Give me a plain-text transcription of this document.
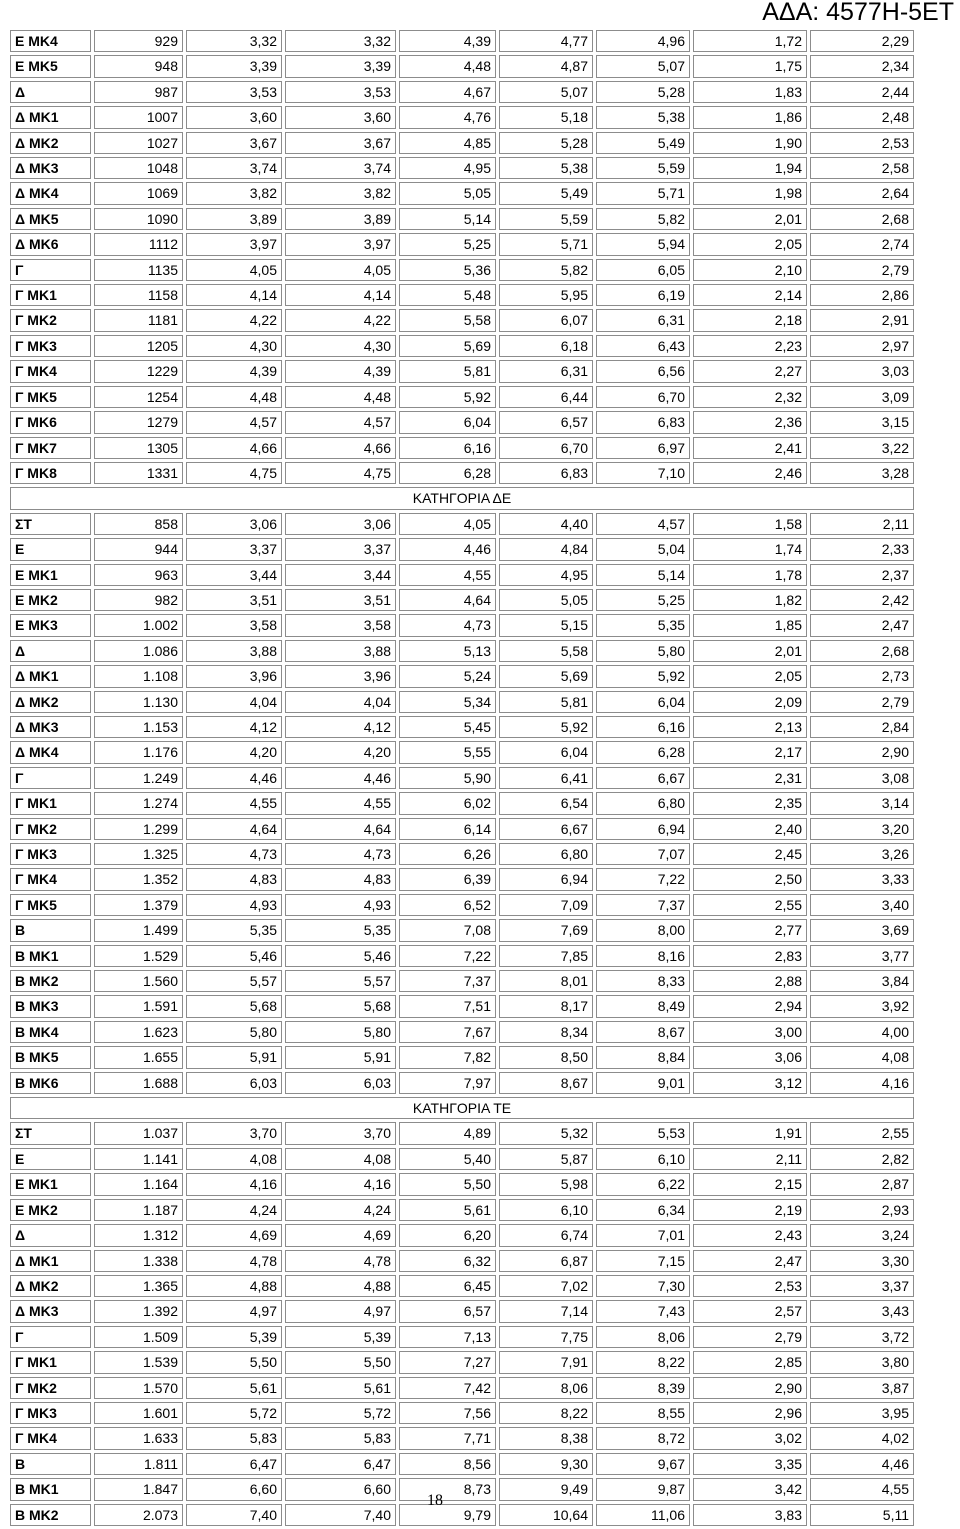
ΑΔΑ: 4577Η-5ΕΤ
Ε ΜΚ4	929	3,32	3,32	4,39	4,77	4,96	1,72	2,29
Ε ΜΚ5	948	3,39	3,39	4,48	4,87	5,07	1,75	2,34
Δ	987	3,53	3,53	4,67	5,07	5,28	1,83	2,44
Δ ΜΚ1	1007	3,60	3,60	4,76	5,18	5,38	1,86	2,48
Δ ΜΚ2	1027	3,67	3,67	4,85	5,28	5,49	1,90	2,53
Δ ΜΚ3	1048	3,74	3,74	4,95	5,38	5,59	1,94	2,58
Δ ΜΚ4	1069	3,82	3,82	5,05	5,49	5,71	1,98	2,64
Δ ΜΚ5	1090	3,89	3,89	5,14	5,59	5,82	2,01	2,68
Δ ΜΚ6	1112	3,97	3,97	5,25	5,71	5,94	2,05	2,74
Γ	1135	4,05	4,05	5,36	5,82	6,05	2,10	2,79
Γ ΜΚ1	1158	4,14	4,14	5,48	5,95	6,19	2,14	2,86
Γ ΜΚ2	1181	4,22	4,22	5,58	6,07	6,31	2,18	2,91
Γ ΜΚ3	1205	4,30	4,30	5,69	6,18	6,43	2,23	2,97
Γ ΜΚ4	1229	4,39	4,39	5,81	6,31	6,56	2,27	3,03
Γ ΜΚ5	1254	4,48	4,48	5,92	6,44	6,70	2,32	3,09
Γ ΜΚ6	1279	4,57	4,57	6,04	6,57	6,83	2,36	3,15
Γ ΜΚ7	1305	4,66	4,66	6,16	6,70	6,97	2,41	3,22
Γ ΜΚ8	1331	4,75	4,75	6,28	6,83	7,10	2,46	3,28
ΚΑΤΗΓΟΡΙΑ ΔΕ								
ΣΤ	858	3,06	3,06	4,05	4,40	4,57	1,58	2,11
Ε	944	3,37	3,37	4,46	4,84	5,04	1,74	2,33
Ε ΜΚ1	963	3,44	3,44	4,55	4,95	5,14	1,78	2,37
Ε ΜΚ2	982	3,51	3,51	4,64	5,05	5,25	1,82	2,42
Ε ΜΚ3	1.002	3,58	3,58	4,73	5,15	5,35	1,85	2,47
Δ	1.086	3,88	3,88	5,13	5,58	5,80	2,01	2,68
Δ ΜΚ1	1.108	3,96	3,96	5,24	5,69	5,92	2,05	2,73
Δ ΜΚ2	1.130	4,04	4,04	5,34	5,81	6,04	2,09	2,79
Δ ΜΚ3	1.153	4,12	4,12	5,45	5,92	6,16	2,13	2,84
Δ ΜΚ4	1.176	4,20	4,20	5,55	6,04	6,28	2,17	2,90
Γ	1.249	4,46	4,46	5,90	6,41	6,67	2,31	3,08
Γ ΜΚ1	1.274	4,55	4,55	6,02	6,54	6,80	2,35	3,14
Γ ΜΚ2	1.299	4,64	4,64	6,14	6,67	6,94	2,40	3,20
Γ ΜΚ3	1.325	4,73	4,73	6,26	6,80	7,07	2,45	3,26
Γ ΜΚ4	1.352	4,83	4,83	6,39	6,94	7,22	2,50	3,33
Γ ΜΚ5	1.379	4,93	4,93	6,52	7,09	7,37	2,55	3,40
Β	1.499	5,35	5,35	7,08	7,69	8,00	2,77	3,69
Β ΜΚ1	1.529	5,46	5,46	7,22	7,85	8,16	2,83	3,77
Β ΜΚ2	1.560	5,57	5,57	7,37	8,01	8,33	2,88	3,84
Β ΜΚ3	1.591	5,68	5,68	7,51	8,17	8,49	2,94	3,92
Β ΜΚ4	1.623	5,80	5,80	7,67	8,34	8,67	3,00	4,00
Β ΜΚ5	1.655	5,91	5,91	7,82	8,50	8,84	3,06	4,08
Β ΜΚ6	1.688	6,03	6,03	7,97	8,67	9,01	3,12	4,16
ΚΑΤΗΓΟΡΙΑ ΤΕ								
ΣΤ	1.037	3,70	3,70	4,89	5,32	5,53	1,91	2,55
Ε	1.141	4,08	4,08	5,40	5,87	6,10	2,11	2,82
Ε ΜΚ1	1.164	4,16	4,16	5,50	5,98	6,22	2,15	2,87
Ε ΜΚ2	1.187	4,24	4,24	5,61	6,10	6,34	2,19	2,93
Δ	1.312	4,69	4,69	6,20	6,74	7,01	2,43	3,24
Δ ΜΚ1	1.338	4,78	4,78	6,32	6,87	7,15	2,47	3,30
Δ ΜΚ2	1.365	4,88	4,88	6,45	7,02	7,30	2,53	3,37
Δ ΜΚ3	1.392	4,97	4,97	6,57	7,14	7,43	2,57	3,43
Γ	1.509	5,39	5,39	7,13	7,75	8,06	2,79	3,72
Γ ΜΚ1	1.539	5,50	5,50	7,27	7,91	8,22	2,85	3,80
Γ ΜΚ2	1.570	5,61	5,61	7,42	8,06	8,39	2,90	3,87
Γ ΜΚ3	1.601	5,72	5,72	7,56	8,22	8,55	2,96	3,95
Γ ΜΚ4	1.633	5,83	5,83	7,71	8,38	8,72	3,02	4,02
Β	1.811	6,47	6,47	8,56	9,30	9,67	3,35	4,46
Β ΜΚ1	1.847	6,60	6,60	8,73	9,49	9,87	3,42	4,55
Β ΜΚ2	2.073	7,40	7,40	9,79	10,64	11,06	3,83	5,11
18
